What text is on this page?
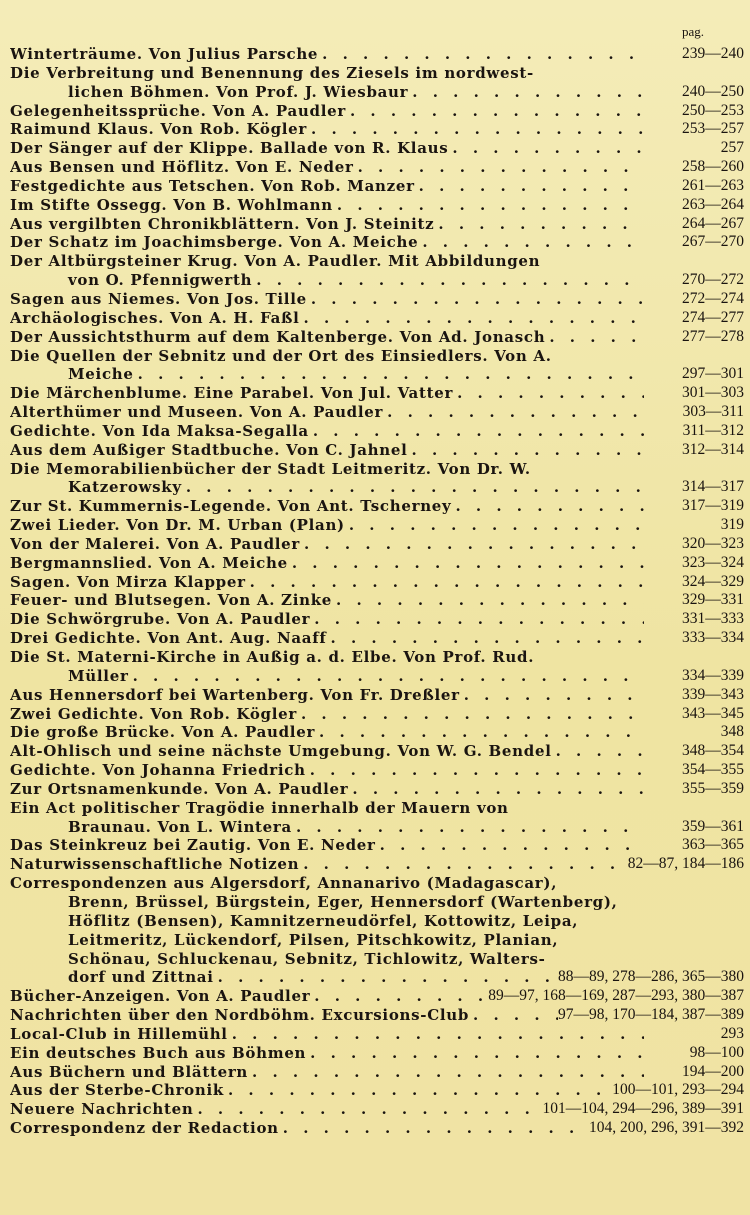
pag.
Winterträume. Von Julius Parsche . . .	239—240
Die Verbreitung und Benennung des Ziesels im nordwest-
lichen Böhmen. Von Prof. J. Wiesbaur . . .	240—250
Gelegenheitssprüche. Von A. Paudler . . .	250—253
Raimund Klaus. Von Rob. Kögler . . .	253—257
Der Sänger auf der Klippe. Ballade von R. Klaus . . .	257
Aus Bensen und Höflitz. Von E. Neder . . .	258—260
Festgedichte aus Tetschen. Von Rob. Manzer . . .	261—263
Im Stifte Ossegg. Von B. Wohlmann . . .	263—264
Aus vergilbten Chronikblättern. Von J. Steinitz . . .	264—267
Der Schatz im Joachimsberge. Von A. Meiche . . .	267—270
Der Altbürgsteiner Krug. Von A. Paudler. Mit Abbildungen
von O. Pfennigwerth . . .	270—272
Sagen aus Niemes. Von Jos. Tille . . .	272—274
Archäologisches. Von A. H. Faßl . . .	274—277
Der Aussichtsthurm auf dem Kaltenberge. Von Ad. Jonasch . . .	277—278
Die Quellen der Sebnitz und der Ort des Einsiedlers. Von A.
Meiche . . .	297—301
Die Märchenblume. Eine Parabel. Von Jul. Vatter . . .	301—303
Alterthümer und Museen. Von A. Paudler . . .	303—311
Gedichte. Von Ida Maksa-Segalla . . .	311—312
Aus dem Außiger Stadtbuche. Von C. Jahnel . . .	312—314
Die Memorabilienbücher der Stadt Leitmeritz. Von Dr. W.
Katzerowsky . . .	314—317
Zur St. Kummernis-Legende. Von Ant. Tscherney . . .	317—319
Zwei Lieder. Von Dr. M. Urban (Plan) . . .	319
Von der Malerei. Von A. Paudler . . .	320—323
Bergmannslied. Von A. Meiche . . .	323—324
Sagen. Von Mirza Klapper . . .	324—329
Feuer- und Blutsegen. Von A. Zinke . . .	329—331
Die Schwörgrube. Von A. Paudler . . .	331—333
Drei Gedichte. Von Ant. Aug. Naaff . . .	333—334
Die St. Materni-Kirche in Außig a. d. Elbe. Von Prof. Rud.
Müller . . .	334—339
Aus Hennersdorf bei Wartenberg. Von Fr. Dreßler . . .	339—343
Zwei Gedichte. Von Rob. Kögler . . .	343—345
Die große Brücke. Von A. Paudler . . .	348
Alt-Ohlisch und seine nächste Umgebung. Von W. G. Bendel . . .	348—354
Gedichte. Von Johanna Friedrich . . .	354—355
Zur Ortsnamenkunde. Von A. Paudler . . .	355—359
Ein Act politischer Tragödie innerhalb der Mauern von
Braunau. Von L. Wintera . . .	359—361
Das Steinkreuz bei Zautig. Von E. Neder . . .	363—365
Naturwissenschaftliche Notizen . . .	82—87, 184—186
Correspondenzen aus Algersdorf, Annanarivo (Madagascar),
Brenn, Brüssel, Bürgstein, Eger, Hennersdorf (Wartenberg),
Höflitz (Bensen), Kamnitzerneudörfel, Kottowitz, Leipa,
Leitmeritz, Lückendorf, Pilsen, Pitschkowitz, Planian,
Schönau, Schluckenau, Sebnitz, Tichlowitz, Walters-
dorf und Zittnai . . .	88—89, 278—286, 365—380
Bücher-Anzeigen. Von A. Paudler . . .	89—97, 168—169, 287—293, 380—387
Nachrichten über den Nordböhm. Excursions-Club . . .	97—98, 170—184, 387—389
Local-Club in Hillemühl . . .	293
Ein deutsches Buch aus Böhmen . . .	98—100
Aus Büchern und Blättern . . .	194—200
Aus der Sterbe-Chronik . . .	100—101, 293—294
Neuere Nachrichten . . .	101—104, 294—296, 389—391
Correspondenz der Redaction . . .	104, 200, 296, 391—392
